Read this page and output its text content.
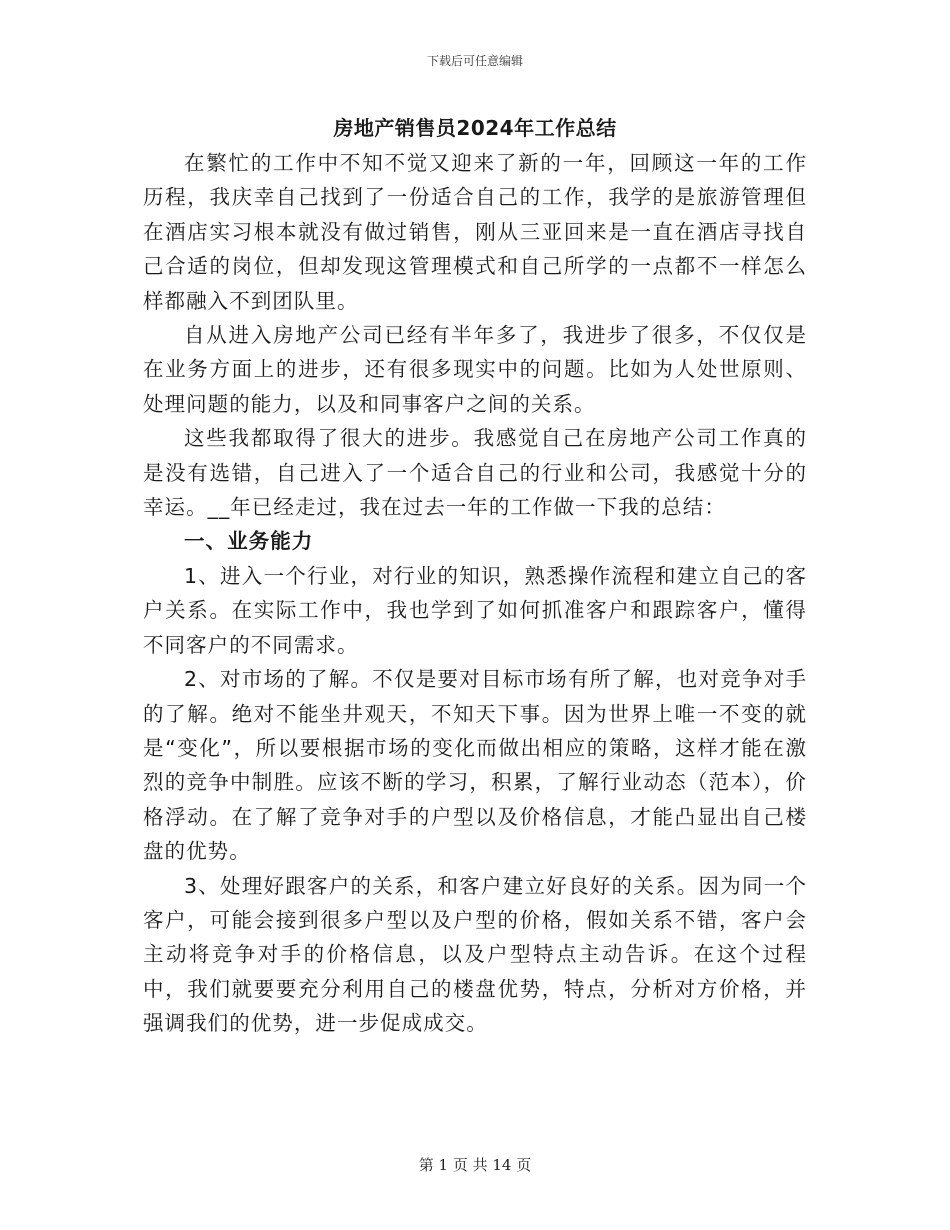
下载后可任意编辑
房地产销售员2024年工作总结

在繁忙的工作中不知不觉又迎来了新的一年，回顾这一年的工作历程，我庆幸自己找到了一份适合自己的工作，我学的是旅游管理但在酒店实习根本就没有做过销售，刚从三亚回来是一直在酒店寻找自己合适的岗位，但却发现这管理模式和自己所学的一点都不一样怎么样都融入不到团队里。

自从进入房地产公司已经有半年多了，我进步了很多，不仅仅是在业务方面上的进步，还有很多现实中的问题。比如为人处世原则、处理问题的能力，以及和同事客户之间的关系。

这些我都取得了很大的进步。我感觉自己在房地产公司工作真的是没有选错，自己进入了一个适合自己的行业和公司，我感觉十分的幸运。__年已经走过，我在过去一年的工作做一下我的总结：

一、业务能力

1、进入一个行业，对行业的知识，熟悉操作流程和建立自己的客户关系。在实际工作中，我也学到了如何抓准客户和跟踪客户，懂得不同客户的不同需求。

2、对市场的了解。不仅是要对目标市场有所了解，也对竞争对手的了解。绝对不能坐井观天，不知天下事。因为世界上唯一不变的就是“变化”，所以要根据市场的变化而做出相应的策略，这样才能在激烈的竞争中制胜。应该不断的学习，积累，了解行业动态（范本），价格浮动。在了解了竞争对手的户型以及价格信息，才能凸显出自己楼盘的优势。

3、处理好跟客户的关系，和客户建立好良好的关系。因为同一个客户，可能会接到很多户型以及户型的价格，假如关系不错，客户会主动将竞争对手的价格信息，以及户型特点主动告诉。在这个过程中，我们就要要充分利用自己的楼盘优势，特点，分析对方价格，并强调我们的优势，进一步促成成交。

第 1 页 共 14 页
